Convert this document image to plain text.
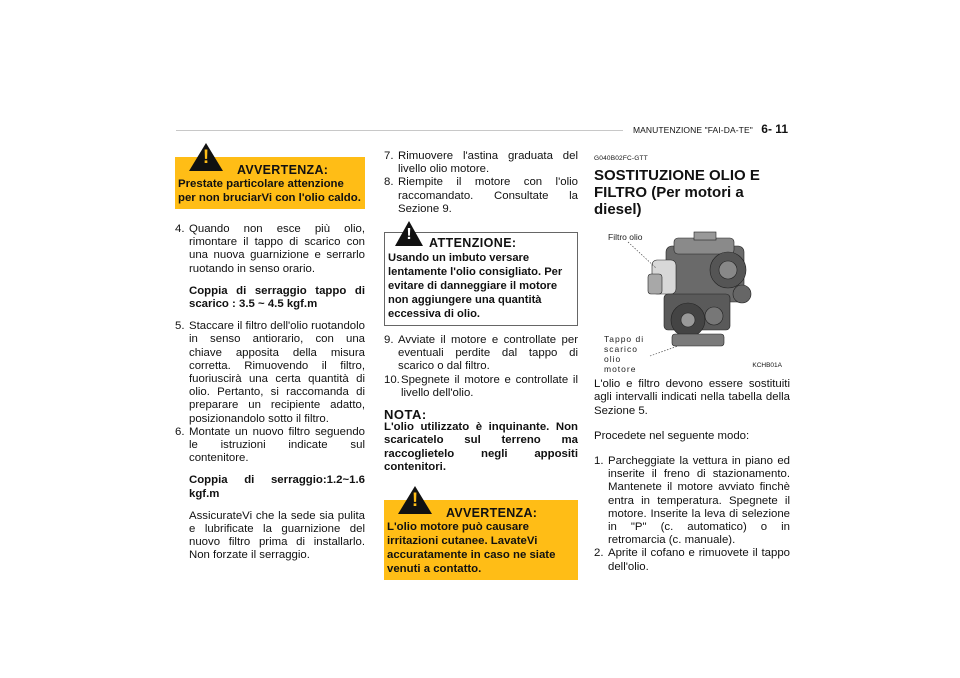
MANUTENZIONE "FAI-DA-TE" 6- 11
!
AVVERTENZA:
Prestate particolare attenzione per non bruciarVi con l'olio caldo.
4. Quando non esce più olio, rimontare il tappo di scarico con una nuova guarnizione e serrarlo ruotando in senso orario.
Coppia di serraggio tappo di scarico : 3.5 ~ 4.5 kgf.m
5. Staccare il filtro dell'olio ruotandolo in senso antiorario, con una chiave apposita della misura corretta. Rimuovendo il filtro, fuoriuscirà una certa quantità di olio. Pertanto, si raccomanda di preparare un recipiente adatto, posizionandolo sotto il filtro.
6. Montate un nuovo filtro seguendo le istruzioni indicate sul contenitore.
Coppia di serraggio:1.2~1.6 kgf.m
AssicurateVi che la sede sia pulita e lubrificate la guarnizione del nuovo filtro prima di installarlo. Non forzate il serraggio.
7. Rimuovere l'astina graduata del livello olio motore.
8. Riempite il motore con l'olio raccomandato. Consultate la Sezione 9.
! ATTENZIONE:
Usando un imbuto versare lentamente l'olio consigliato. Per evitare di danneggiare il motore non aggiungere una quantità eccessiva di olio.
9. Avviate il motore e controllate per eventuali perdite dal tappo di scarico o dal filtro.
10. Spegnete il motore e controllate il livello dell'olio.
NOTA:
L'olio utilizzato è inquinante. Non scaricatelo sul terreno ma raccoglietelo negli appositi contenitori.
!
AVVERTENZA:
L'olio motore può causare irritazioni cutanee. LavateVi accuratamente in caso ne siate venuti a contatto.
G040B02FC-GTT
SOSTITUZIONE OLIO E FILTRO (Per motori a diesel)
Filtro olio
Tappo di scarico olio motore	KCHB01A
L'olio e filtro devono essere sostituiti agli intervalli indicati nella tabella della Sezione 5.
Procedete nel seguente modo:
1. Parcheggiate la vettura in piano ed inserite il freno di stazionamento. Mantenete il motore avviato finchè entra in temperatura. Spegnete il motore. Inserite la leva di selezione in "P" (c. automatico) o in retromarcia (c. manuale).
2. Aprite il cofano e rimuovete il tappo dell'olio.
